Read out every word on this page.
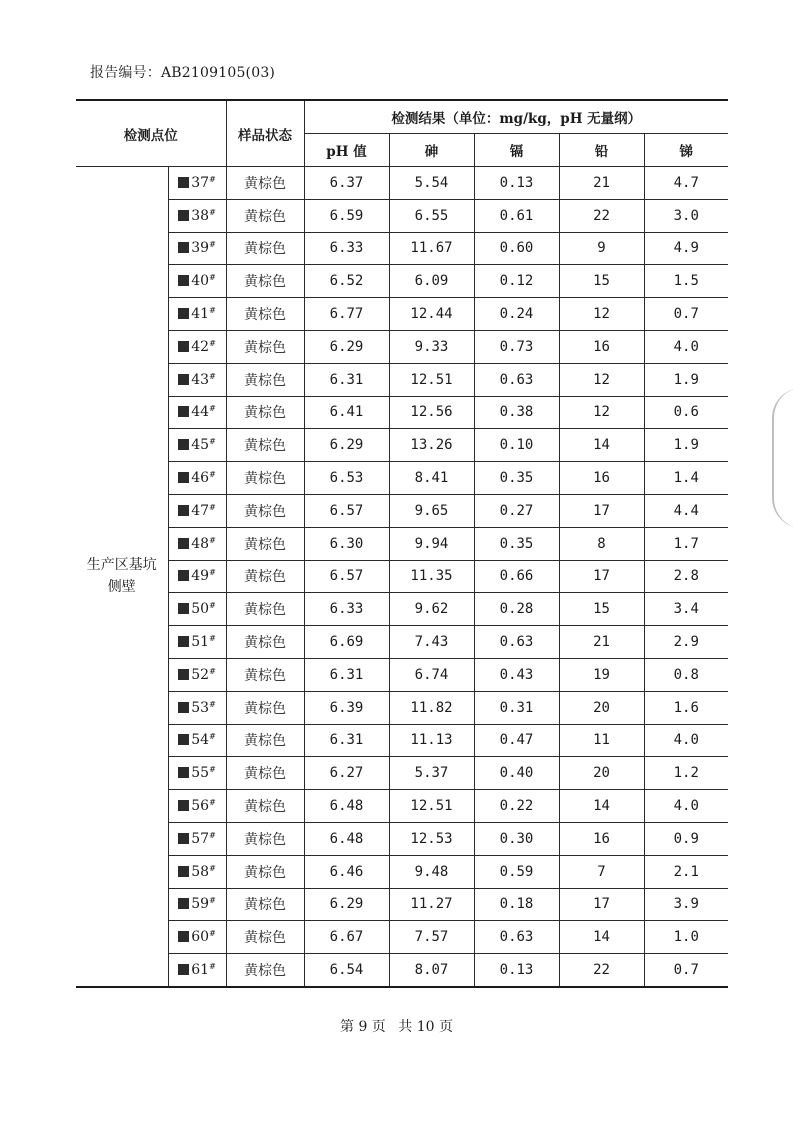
报告编号：AB2109105(03)
检测点位		样品状态	检测结果（单位：mg/kg，pH 无量纲）				
			pH 值	砷	镉	铅	锑
生产区基坑侧壁	37#	黄棕色	6.37	5.54	0.13	21	4.7
	38#	黄棕色	6.59	6.55	0.61	22	3.0
	39#	黄棕色	6.33	11.67	0.60	9	4.9
	40#	黄棕色	6.52	6.09	0.12	15	1.5
	41#	黄棕色	6.77	12.44	0.24	12	0.7
	42#	黄棕色	6.29	9.33	0.73	16	4.0
	43#	黄棕色	6.31	12.51	0.63	12	1.9
	44#	黄棕色	6.41	12.56	0.38	12	0.6
	45#	黄棕色	6.29	13.26	0.10	14	1.9
	46#	黄棕色	6.53	8.41	0.35	16	1.4
	47#	黄棕色	6.57	9.65	0.27	17	4.4
	48#	黄棕色	6.30	9.94	0.35	8	1.7
	49#	黄棕色	6.57	11.35	0.66	17	2.8
	50#	黄棕色	6.33	9.62	0.28	15	3.4
	51#	黄棕色	6.69	7.43	0.63	21	2.9
	52#	黄棕色	6.31	6.74	0.43	19	0.8
	53#	黄棕色	6.39	11.82	0.31	20	1.6
	54#	黄棕色	6.31	11.13	0.47	11	4.0
	55#	黄棕色	6.27	5.37	0.40	20	1.2
	56#	黄棕色	6.48	12.51	0.22	14	4.0
	57#	黄棕色	6.48	12.53	0.30	16	0.9
	58#	黄棕色	6.46	9.48	0.59	7	2.1
	59#	黄棕色	6.29	11.27	0.18	17	3.9
	60#	黄棕色	6.67	7.57	0.63	14	1.0
	61#	黄棕色	6.54	8.07	0.13	22	0.7
第 9 页 共 10 页
